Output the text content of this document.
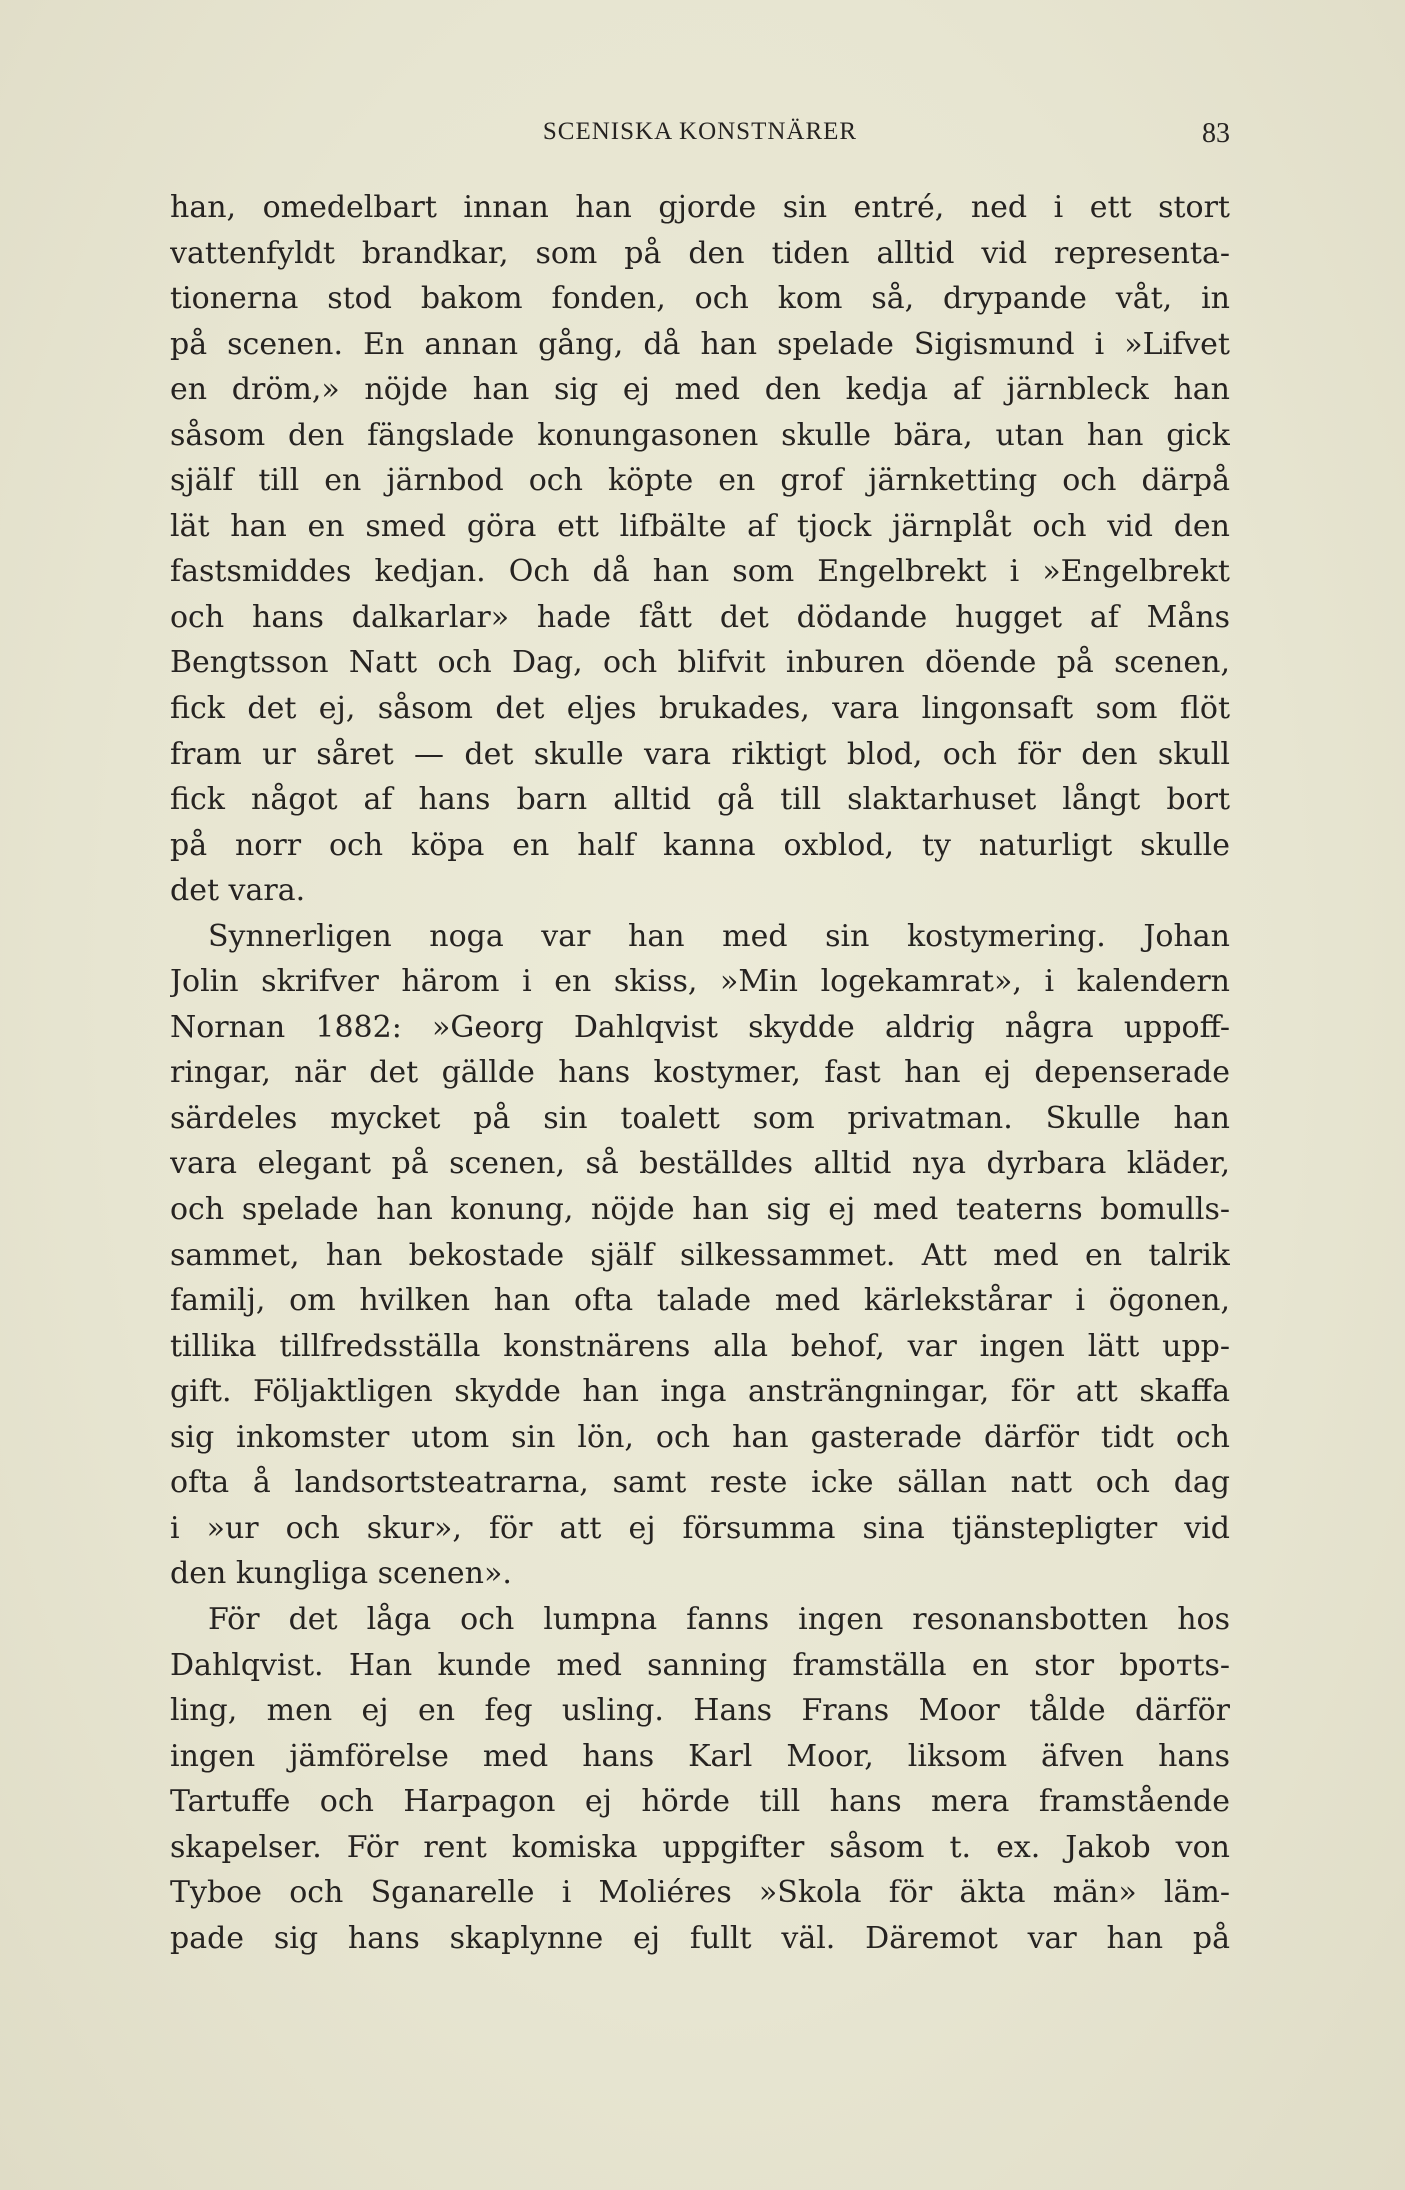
SCENISKA KONSTNÄRER	83
han, omedelbart innan han gjorde sin entré, ned i ett stort
vattenfyldt brandkar, som på den tiden alltid vid representa-
tionerna stod bakom fonden, och kom så, drypande våt, in
på scenen. En annan gång, då han spelade Sigismund i »Lifvet
en dröm,» nöjde han sig ej med den kedja af järnbleck han
såsom den fängslade konungasonen skulle bära, utan han gick
själf till en järnbod och köpte en grof järnketting och därpå
lät han en smed göra ett lifbälte af tjock järnplåt och vid den
fastsmiddes kedjan. Och då han som Engelbrekt i »Engelbrekt
och hans dalkarlar» hade fått det dödande hugget af Måns
Bengtsson Natt och Dag, och blifvit inburen döende på scenen,
fick det ej, såsom det eljes brukades, vara lingonsaft som flöt
fram ur såret — det skulle vara riktigt blod, och för den skull
fick något af hans barn alltid gå till slaktarhuset långt bort
på norr och köpa en half kanna oxblod, ty naturligt skulle
det vara.
Synnerligen noga var han med sin kostymering. Johan
Jolin skrifver härom i en skiss, »Min logekamrat», i kalendern
Nornan 1882: »Georg Dahlqvist skydde aldrig några uppoff-
ringar, när det gällde hans kostymer, fast han ej depenserade
särdeles mycket på sin toalett som privatman. Skulle han
vara elegant på scenen, så beställdes alltid nya dyrbara kläder,
och spelade han konung, nöjde han sig ej med teaterns bomulls-
sammet, han bekostade själf silkessammet. Att med en talrik
familj, om hvilken han ofta talade med kärlekstårar i ögonen,
tillika tillfredsställa konstnärens alla behof, var ingen lätt upp-
gift. Följaktligen skydde han inga ansträngningar, för att skaffa
sig inkomster utom sin lön, och han gasterade därför tidt och
ofta å landsortsteatrarna, samt reste icke sällan natt och dag
i »ur och skur», för att ej försumma sina tjänstepligter vid
den kungliga scenen».
För det låga och lumpna fanns ingen resonansbotten hos
Dahlqvist. Han kunde med sanning framställa en stor bротts-
ling, men ej en feg usling. Hans Frans Moor tålde därför
ingen jämförelse med hans Karl Moor, liksom äfven hans
Tartuffe och Harpagon ej hörde till hans mera framstående
skapelser. För rent komiska uppgifter såsom t. ex. Jakob von
Tyboe och Sganarelle i Moliéres »Skola för äkta män» läm-
pade sig hans skaplynne ej fullt väl. Däremot var han på
